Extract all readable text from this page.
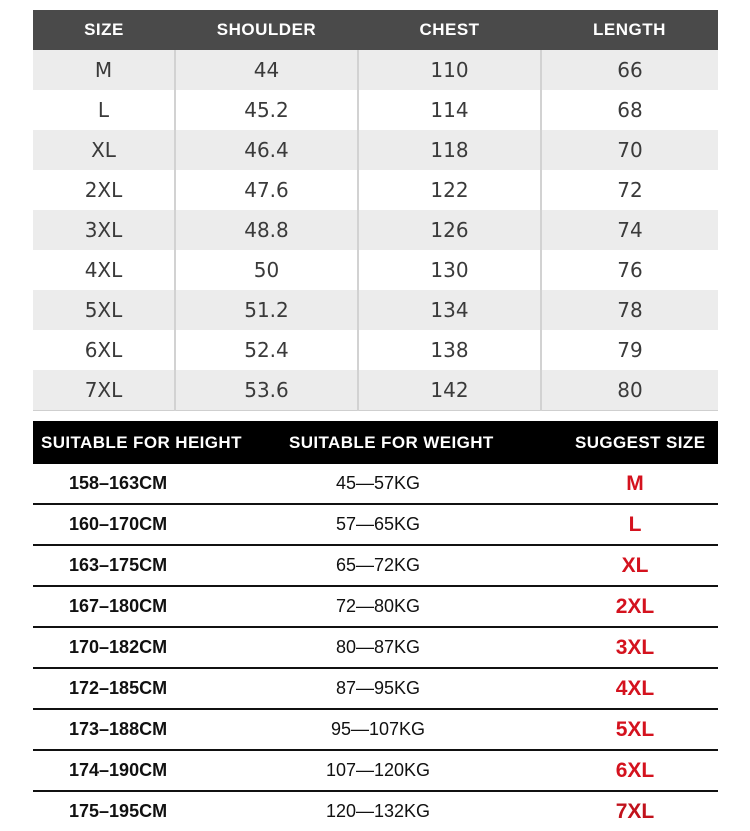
SIZE	SHOULDER	CHEST	LENGTH
M	44	110	66
L	45.2	114	68
XL	46.4	118	70
2XL	47.6	122	72
3XL	48.8	126	74
4XL	50	130	76
5XL	51.2	134	78
6XL	52.4	138	79
7XL	53.6	142	80
SUITABLE FOR HEIGHT	SUITABLE FOR WEIGHT	SUGGEST SIZE
158–163CM	45—57KG	M
160–170CM	57—65KG	L
163–175CM	65—72KG	XL
167–180CM	72—80KG	2XL
170–182CM	80—87KG	3XL
172–185CM	87—95KG	4XL
173–188CM	95—107KG	5XL
174–190CM	107—120KG	6XL
175–195CM	120—132KG	7XL
